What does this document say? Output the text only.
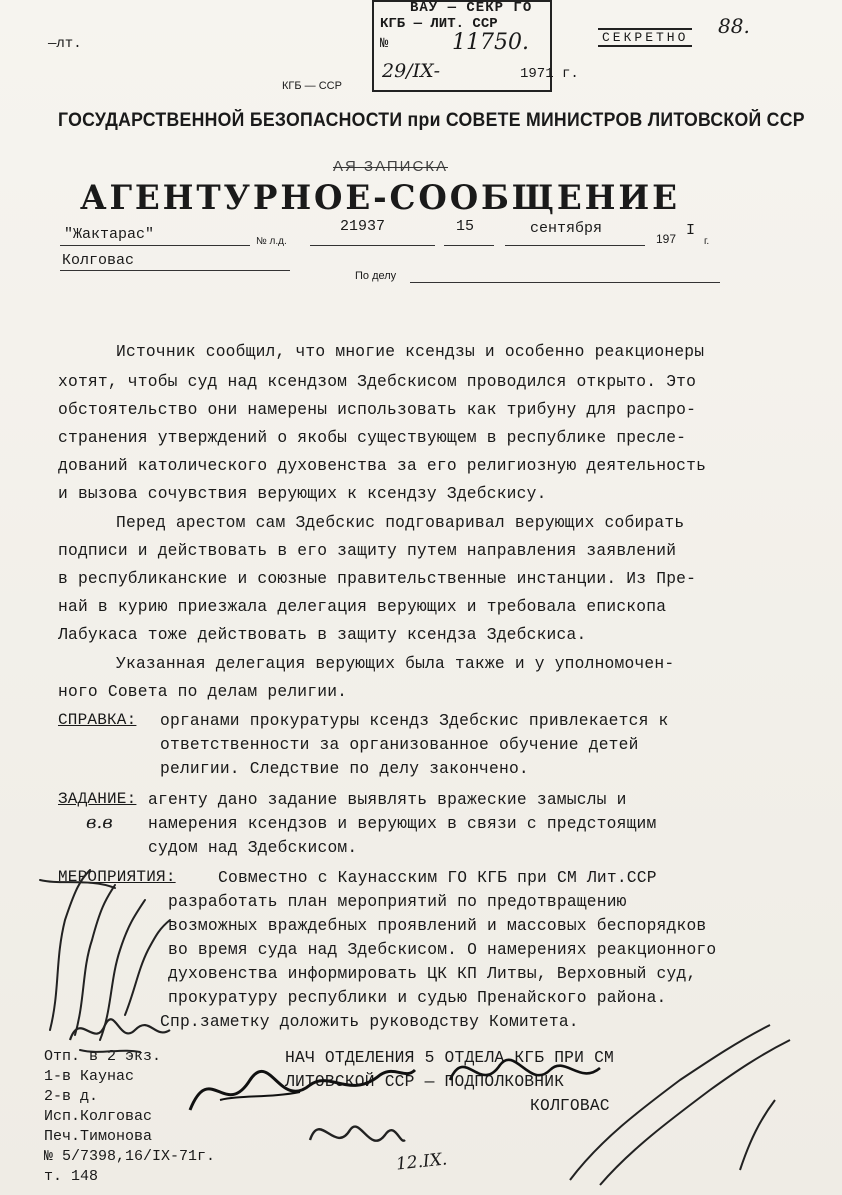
ВАУ — СЕКР ГО
КГБ — ЛИТ. ССР
№	11750.
29/IХ-	1971 г.
СЕКРЕТНО 88.
—лт.
КГБ — ССР
ГОСУДАРСТВЕННОЙ БЕЗОПАСНОСТИ при СОВЕТЕ МИНИСТРОВ ЛИТОВСКОЙ ССР
АЯ ЗАПИСКА
АГЕНТУРНОЕ-СООБЩЕНИЕ
"Жактарас"	№ л.д.
21937	15	сентября
197 I
г.
Колговас
По делу
Источник сообщил, что многие ксендзы и особенно реакционеры
хотят, чтобы суд над ксендзом Здебскисом проводился открыто. Это
обстоятельство они намерены использовать как трибуну для распро-
странения утверждений о якобы существующем в республике пресле-
дований католического духовенства за его религиозную деятельность
и вызова сочувствия верующих к ксендзу Здебскису.
Перед арестом сам Здебскис подговаривал верующих собирать
подписи и действовать в его защиту путем направления заявлений
в республиканские и союзные правительственные инстанции. Из Пре-
най в курию приезжала делегация верующих и требовала епископа
Лабукаса тоже действовать в защиту ксендза Здебскиса.
Указанная делегация верующих была также и у уполномочен-
ного Совета по делам религии.
СПРАВКА: органами прокуратуры ксендз Здебскис привлекается к
ответственности за организованное обучение детей
религии. Следствие по делу закончено.
ЗАДАНИЕ: агенту дано задание выявлять вражеские замыслы и
намерения ксендзов и верующих в связи с предстоящим
судом над Здебскисом.
МЕРОПРИЯТИЯ:	Совместно с Каунасским ГО КГБ при СМ Лит.ССР
разработать план мероприятий по предотвращению
возможных враждебных проявлений и массовых беспорядков
во время суда над Здебскисом. О намерениях реакционного
духовенства информировать ЦК КП Литвы, Верховный суд,
прокуратуру республики и судью Пренайского района.
Спр.заметку доложить руководству Комитета.
НАЧ ОТДЕЛЕНИЯ 5 ОТДЕЛА КГБ ПРИ СМ
ЛИТОВСКОЙ ССР — ПОДПОЛКОВНИК
КОЛГОВАС
Отп. в 2 экз.
1-в Каунас
2-в д.
Исп.Колговас
Печ.Тимонова
№ 5/7398,16/IХ-71г.
т. 148
в.в
12.IХ.
